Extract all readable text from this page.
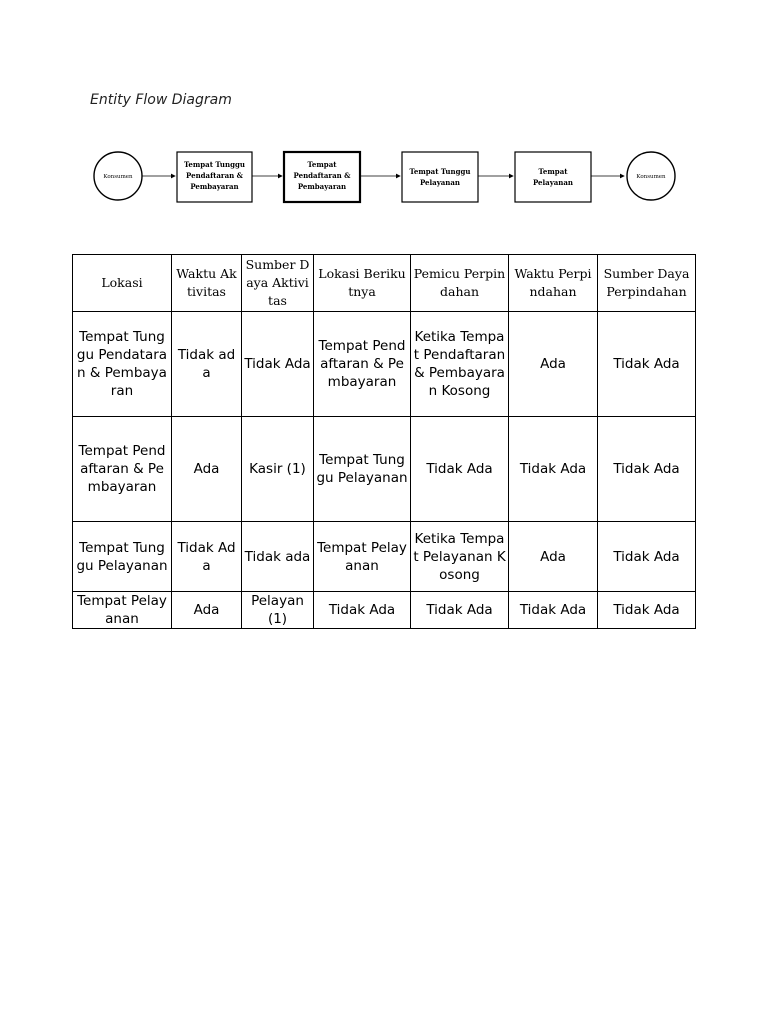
Entity Flow Diagram
Konsumen
Tempat Tunggu
Pendaftaran &
Pembayaran
Tempat
Pendaftaran &
Pembayaran
Tempat Tunggu
Pelayanan
Tempat
Pelayanan
Konsumen
Lokasi	Waktu Aktivitas	Sumber Daya Aktivitas	Lokasi Berikutnya	Pemicu Perpindahan	Waktu Perpindahan	Sumber Daya Perpindahan
Tempat Tunggu Pendataran & Pembayaran	Tidak ada	Tidak Ada	Tempat Pendaftaran & Pembayaran	Ketika Tempat Pendaftaran & Pembayaran Kosong	Ada	Tidak Ada
Tempat Pendaftaran & Pembayaran	Ada	Kasir (1)	Tempat Tunggu Pelayanan	Tidak Ada	Tidak Ada	Tidak Ada
Tempat Tunggu Pelayanan	Tidak Ada	Tidak ada	Tempat Pelayanan	Ketika Tempat Pelayanan Kosong	Ada	Tidak Ada
Tempat Pelayanan	Ada	Pelayan (1)	Tidak Ada	Tidak Ada	Tidak Ada	Tidak Ada
